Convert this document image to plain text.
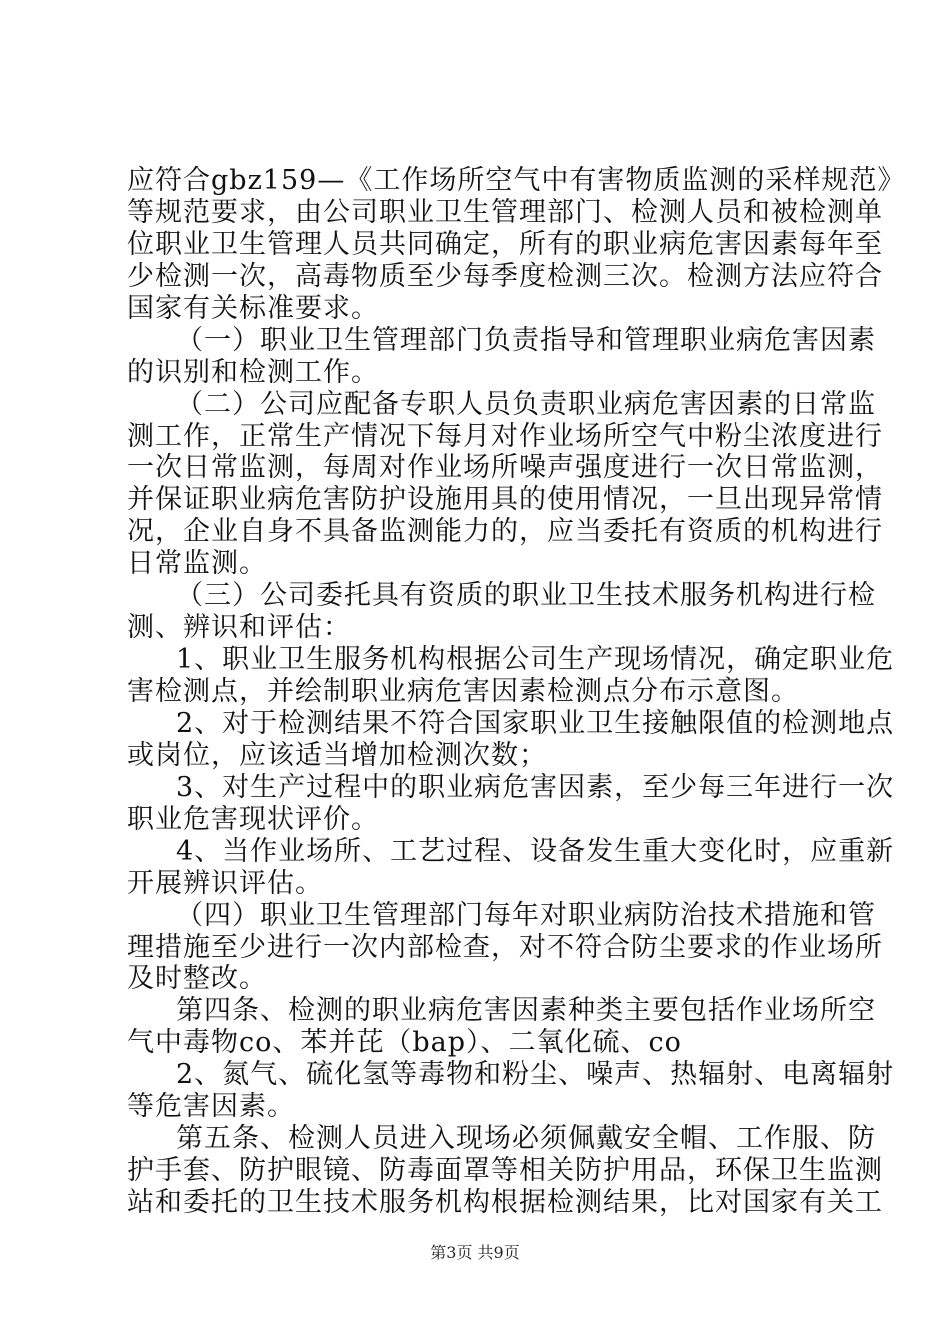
应符合gbz159—《工作场所空气中有害物质监测的采样规范》
等规范要求，由公司职业卫生管理部门、检测人员和被检测单
位职业卫生管理人员共同确定，所有的职业病危害因素每年至
少检测一次，高毒物质至少每季度检测三次。检测方法应符合
国家有关标准要求。
（一）职业卫生管理部门负责指导和管理职业病危害因素
的识别和检测工作。
（二）公司应配备专职人员负责职业病危害因素的日常监
测工作，正常生产情况下每月对作业场所空气中粉尘浓度进行
一次日常监测，每周对作业场所噪声强度进行一次日常监测，
并保证职业病危害防护设施用具的使用情况，一旦出现异常情
况，企业自身不具备监测能力的，应当委托有资质的机构进行
日常监测。
（三）公司委托具有资质的职业卫生技术服务机构进行检
测、辨识和评估：
1、职业卫生服务机构根据公司生产现场情况，确定职业危
害检测点，并绘制职业病危害因素检测点分布示意图。
2、对于检测结果不符合国家职业卫生接触限值的检测地点
或岗位，应该适当增加检测次数；
3、对生产过程中的职业病危害因素，至少每三年进行一次
职业危害现状评价。
4、当作业场所、工艺过程、设备发生重大变化时，应重新
开展辨识评估。
（四）职业卫生管理部门每年对职业病防治技术措施和管
理措施至少进行一次内部检查，对不符合防尘要求的作业场所
及时整改。
第四条、检测的职业病危害因素种类主要包括作业场所空
气中毒物co、苯并芘（bap）、二氧化硫、co
2、氮气、硫化氢等毒物和粉尘、噪声、热辐射、电离辐射
等危害因素。
第五条、检测人员进入现场必须佩戴安全帽、工作服、防
护手套、防护眼镜、防毒面罩等相关防护用品，环保卫生监测
站和委托的卫生技术服务机构根据检测结果，比对国家有关工
第3页 共9页
